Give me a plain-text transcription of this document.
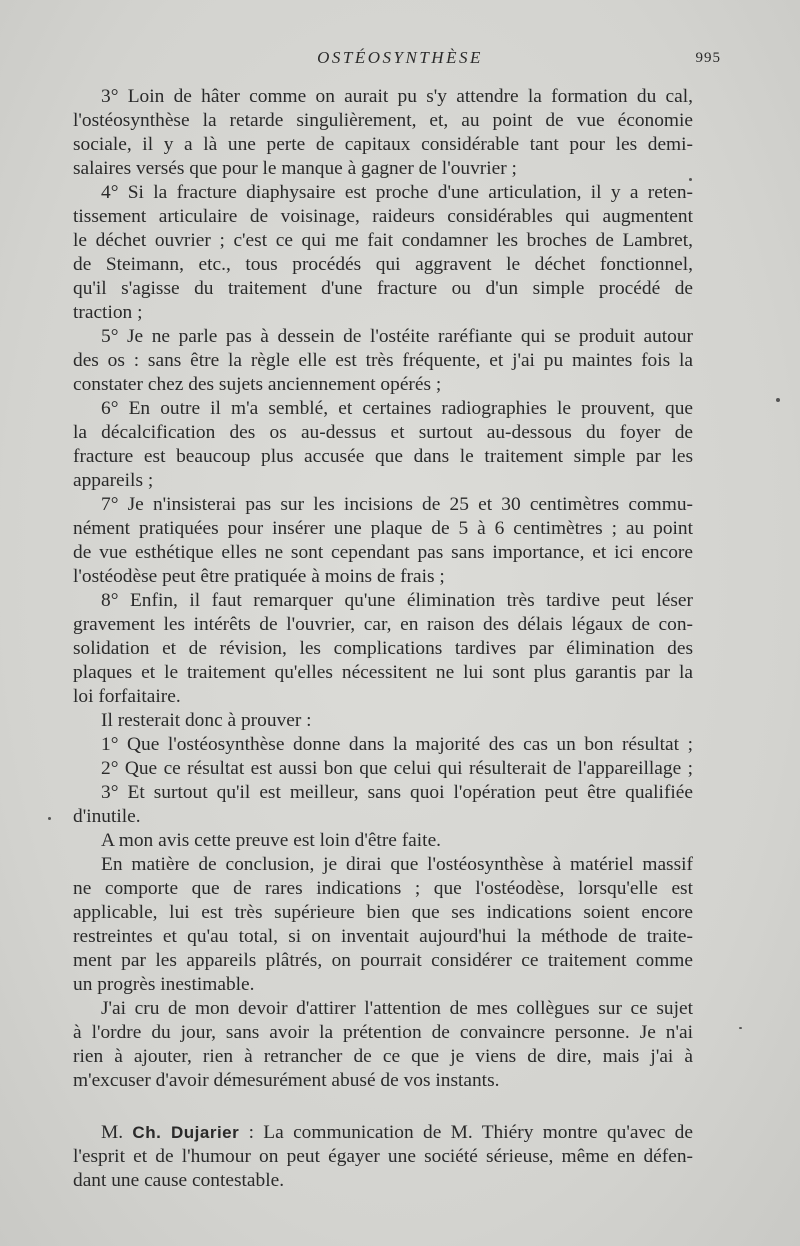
OSTÉOSYNTHÈSE	995
3° Loin de hâter comme on aurait pu s'y attendre la formation du cal,
l'ostéosynthèse la retarde singulièrement, et, au point de vue économie
sociale, il y a là une perte de capitaux considérable tant pour les demi-
salaires versés que pour le manque à gagner de l'ouvrier ;
4° Si la fracture diaphysaire est proche d'une articulation, il y a reten-
tissement articulaire de voisinage, raideurs considérables qui augmentent
le déchet ouvrier ; c'est ce qui me fait condamner les broches de Lambret,
de Steimann, etc., tous procédés qui aggravent le déchet fonctionnel,
qu'il s'agisse du traitement d'une fracture ou d'un simple procédé de
traction ;
5° Je ne parle pas à dessein de l'ostéite raréfiante qui se produit autour
des os : sans être la règle elle est très fréquente, et j'ai pu maintes fois la
constater chez des sujets anciennement opérés ;
6° En outre il m'a semblé, et certaines radiographies le prouvent, que
la décalcification des os au-dessus et surtout au-dessous du foyer de
fracture est beaucoup plus accusée que dans le traitement simple par les
appareils ;
7° Je n'insisterai pas sur les incisions de 25 et 30 centimètres commu-
nément pratiquées pour insérer une plaque de 5 à 6 centimètres ; au point
de vue esthétique elles ne sont cependant pas sans importance, et ici encore
l'ostéodèse peut être pratiquée à moins de frais ;
8° Enfin, il faut remarquer qu'une élimination très tardive peut léser
gravement les intérêts de l'ouvrier, car, en raison des délais légaux de con-
solidation et de révision, les complications tardives par élimination des
plaques et le traitement qu'elles nécessitent ne lui sont plus garantis par la
loi forfaitaire.
Il resterait donc à prouver :
1° Que l'ostéosynthèse donne dans la majorité des cas un bon résultat ;
2° Que ce résultat est aussi bon que celui qui résulterait de l'appareillage ;
3° Et surtout qu'il est meilleur, sans quoi l'opération peut être qualifiée
d'inutile.
A mon avis cette preuve est loin d'être faite.
En matière de conclusion, je dirai que l'ostéosynthèse à matériel massif
ne comporte que de rares indications ; que l'ostéodèse, lorsqu'elle est
applicable, lui est très supérieure bien que ses indications soient encore
restreintes et qu'au total, si on inventait aujourd'hui la méthode de traite-
ment par les appareils plâtrés, on pourrait considérer ce traitement comme
un progrès inestimable.
J'ai cru de mon devoir d'attirer l'attention de mes collègues sur ce sujet
à l'ordre du jour, sans avoir la prétention de convaincre personne. Je n'ai
rien à ajouter, rien à retrancher de ce que je viens de dire, mais j'ai à
m'excuser d'avoir démesurément abusé de vos instants.
M. Ch. Dujarier : La communication de M. Thiéry montre qu'avec de
l'esprit et de l'humour on peut égayer une société sérieuse, même en défen-
dant une cause contestable.
